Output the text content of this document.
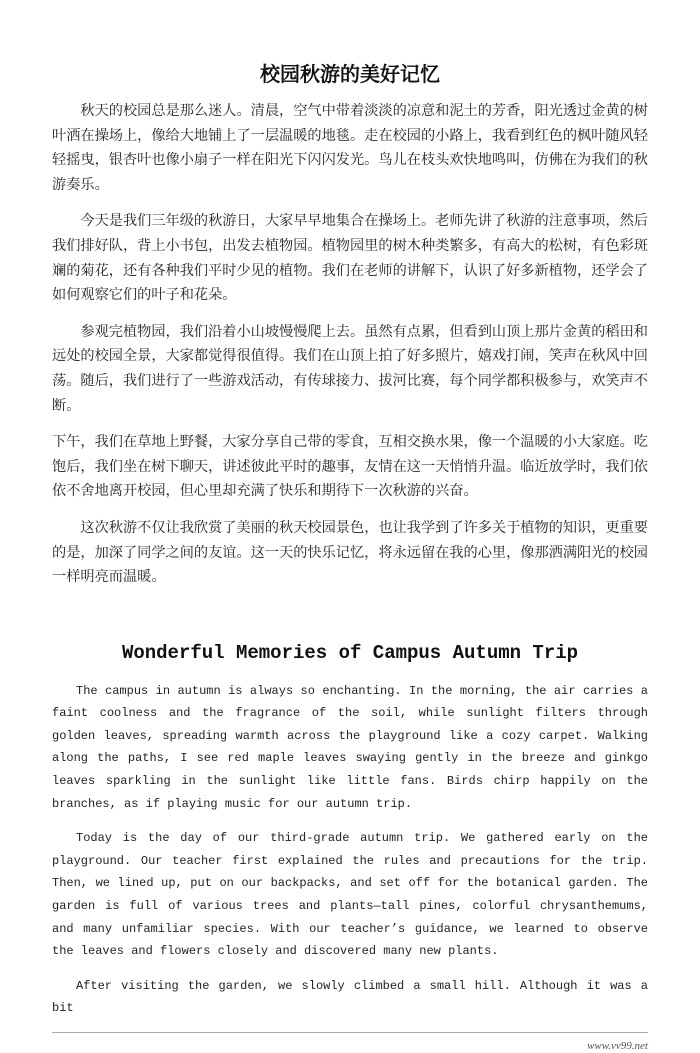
校园秋游的美好记忆

秋天的校园总是那么迷人。清晨，空气中带着淡淡的凉意和泥土的芳香，阳光透过金黄的树叶洒在操场上，像给大地铺上了一层温暖的地毯。走在校园的小路上，我看到红色的枫叶随风轻轻摇曳，银杏叶也像小扇子一样在阳光下闪闪发光。鸟儿在枝头欢快地鸣叫，仿佛在为我们的秋游奏乐。

今天是我们三年级的秋游日，大家早早地集合在操场上。老师先讲了秋游的注意事项，然后我们排好队，背上小书包，出发去植物园。植物园里的树木种类繁多，有高大的松树，有色彩斑斓的菊花，还有各种我们平时少见的植物。我们在老师的讲解下，认识了好多新植物，还学会了如何观察它们的叶子和花朵。

参观完植物园，我们沿着小山坡慢慢爬上去。虽然有点累，但看到山顶上那片金黄的稻田和远处的校园全景，大家都觉得很值得。我们在山顶上拍了好多照片，嬉戏打闹，笑声在秋风中回荡。随后，我们进行了一些游戏活动，有传球接力、拔河比赛，每个同学都积极参与，欢笑声不断。

下午，我们在草地上野餐，大家分享自己带的零食，互相交换水果，像一个温暖的小大家庭。吃饱后，我们坐在树下聊天，讲述彼此平时的趣事，友情在这一天悄悄升温。临近放学时，我们依依不舍地离开校园，但心里却充满了快乐和期待下一次秋游的兴奋。

这次秋游不仅让我欣赏了美丽的秋天校园景色，也让我学到了许多关于植物的知识，更重要的是，加深了同学之间的友谊。这一天的快乐记忆，将永远留在我的心里，像那洒满阳光的校园一样明亮而温暖。

Wonderful Memories of Campus Autumn Trip

The campus in autumn is always so enchanting. In the morning, the air carries a faint coolness and the fragrance of the soil, while sunlight filters through golden leaves, spreading warmth across the playground like a cozy carpet. Walking along the paths, I see red maple leaves swaying gently in the breeze and ginkgo leaves sparkling in the sunlight like little fans. Birds chirp happily on the branches, as if playing music for our autumn trip.

Today is the day of our third-grade autumn trip. We gathered early on the playground. Our teacher first explained the rules and precautions for the trip. Then, we lined up, put on our backpacks, and set off for the botanical garden. The garden is full of various trees and plants—tall pines, colorful chrysanthemums, and many unfamiliar species. With our teacher’s guidance, we learned to observe the leaves and flowers closely and discovered many new plants.

After visiting the garden, we slowly climbed a small hill. Although it was a bit

www.vv99.net
